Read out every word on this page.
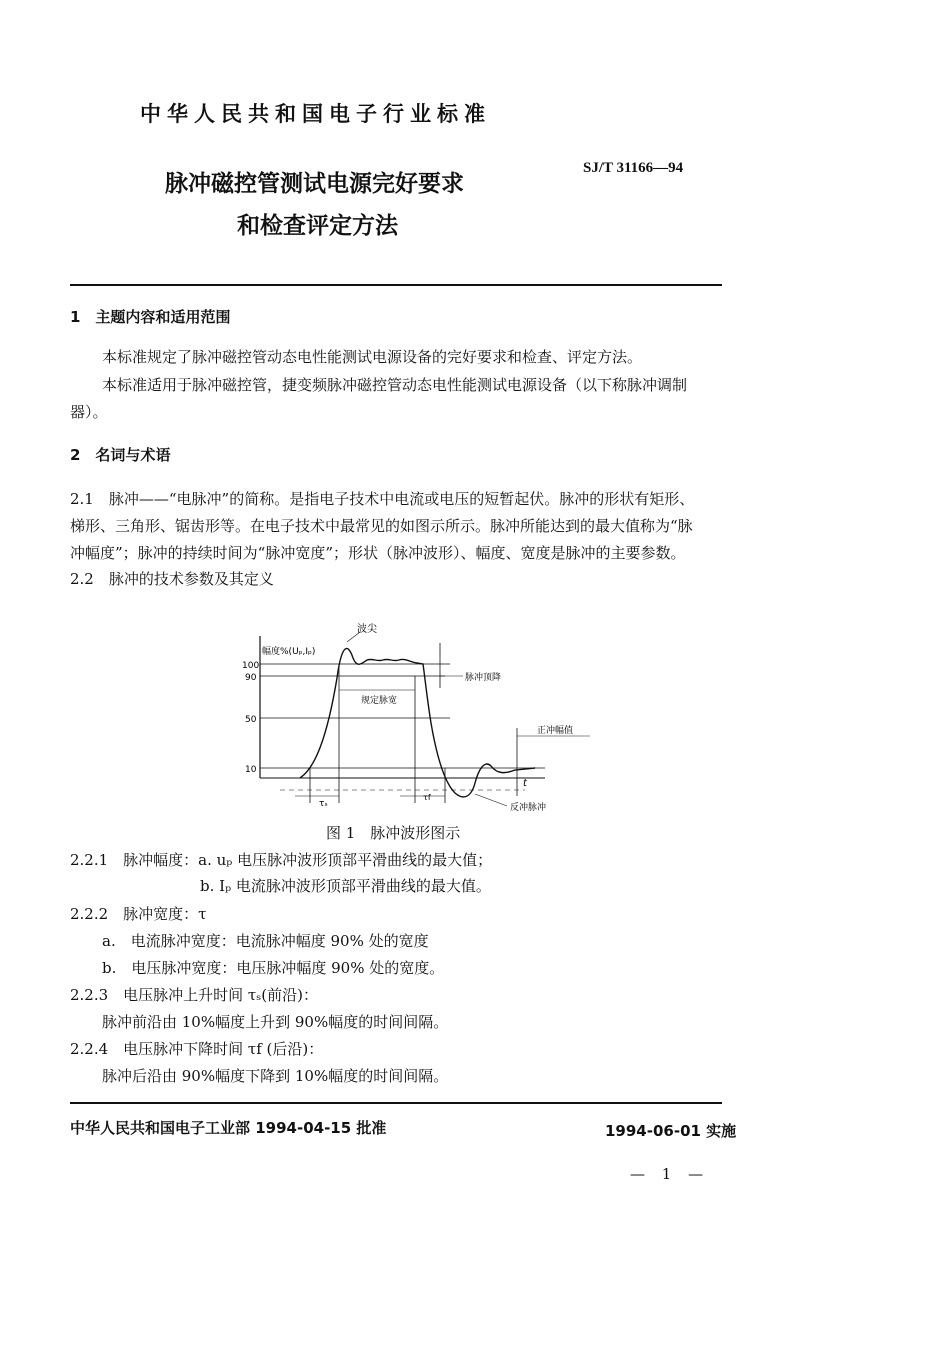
中华人民共和国电子行业标准
脉冲磁控管测试电源完好要求
和检查评定方法
SJ/T 31166—94
1　主题内容和适用范围
本标准规定了脉冲磁控管动态电性能测试电源设备的完好要求和检查、评定方法。
本标准适用于脉冲磁控管，捷变频脉冲磁控管动态电性能测试电源设备（以下称脉冲调制
器）。
2　名词与术语
2.1　脉冲——“电脉冲”的简称。是指电子技术中电流或电压的短暂起伏。脉冲的形状有矩形、
梯形、三角形、锯齿形等。在电子技术中最常见的如图示所示。脉冲所能达到的最大值称为“脉
冲幅度”；脉冲的持续时间为“脉冲宽度”；形状（脉冲波形）、幅度、宽度是脉冲的主要参数。
2.2　脉冲的技术参数及其定义
100
90
50
10
幅度%(Uₚ,Iₚ)
波尖
脉冲顶降
规定脉宽
正冲幅值
反冲脉冲
t
τₛ
τf
图 1　脉冲波形图示
2.2.1　脉冲幅度：a. uₚ 电压脉冲波形顶部平滑曲线的最大值；
b. Iₚ 电流脉冲波形顶部平滑曲线的最大值。
2.2.2　脉冲宽度：τ
a.　电流脉冲宽度：电流脉冲幅度 90% 处的宽度
b.　电压脉冲宽度：电压脉冲幅度 90% 处的宽度。
2.2.3　电压脉冲上升时间 τₛ(前沿)：
脉冲前沿由 10%幅度上升到 90%幅度的时间间隔。
2.2.4　电压脉冲下降时间 τf (后沿)：
脉冲后沿由 90%幅度下降到 10%幅度的时间间隔。
中华人民共和国电子工业部 1994-04-15 批准	1994-06-01 实施
— 1 —
